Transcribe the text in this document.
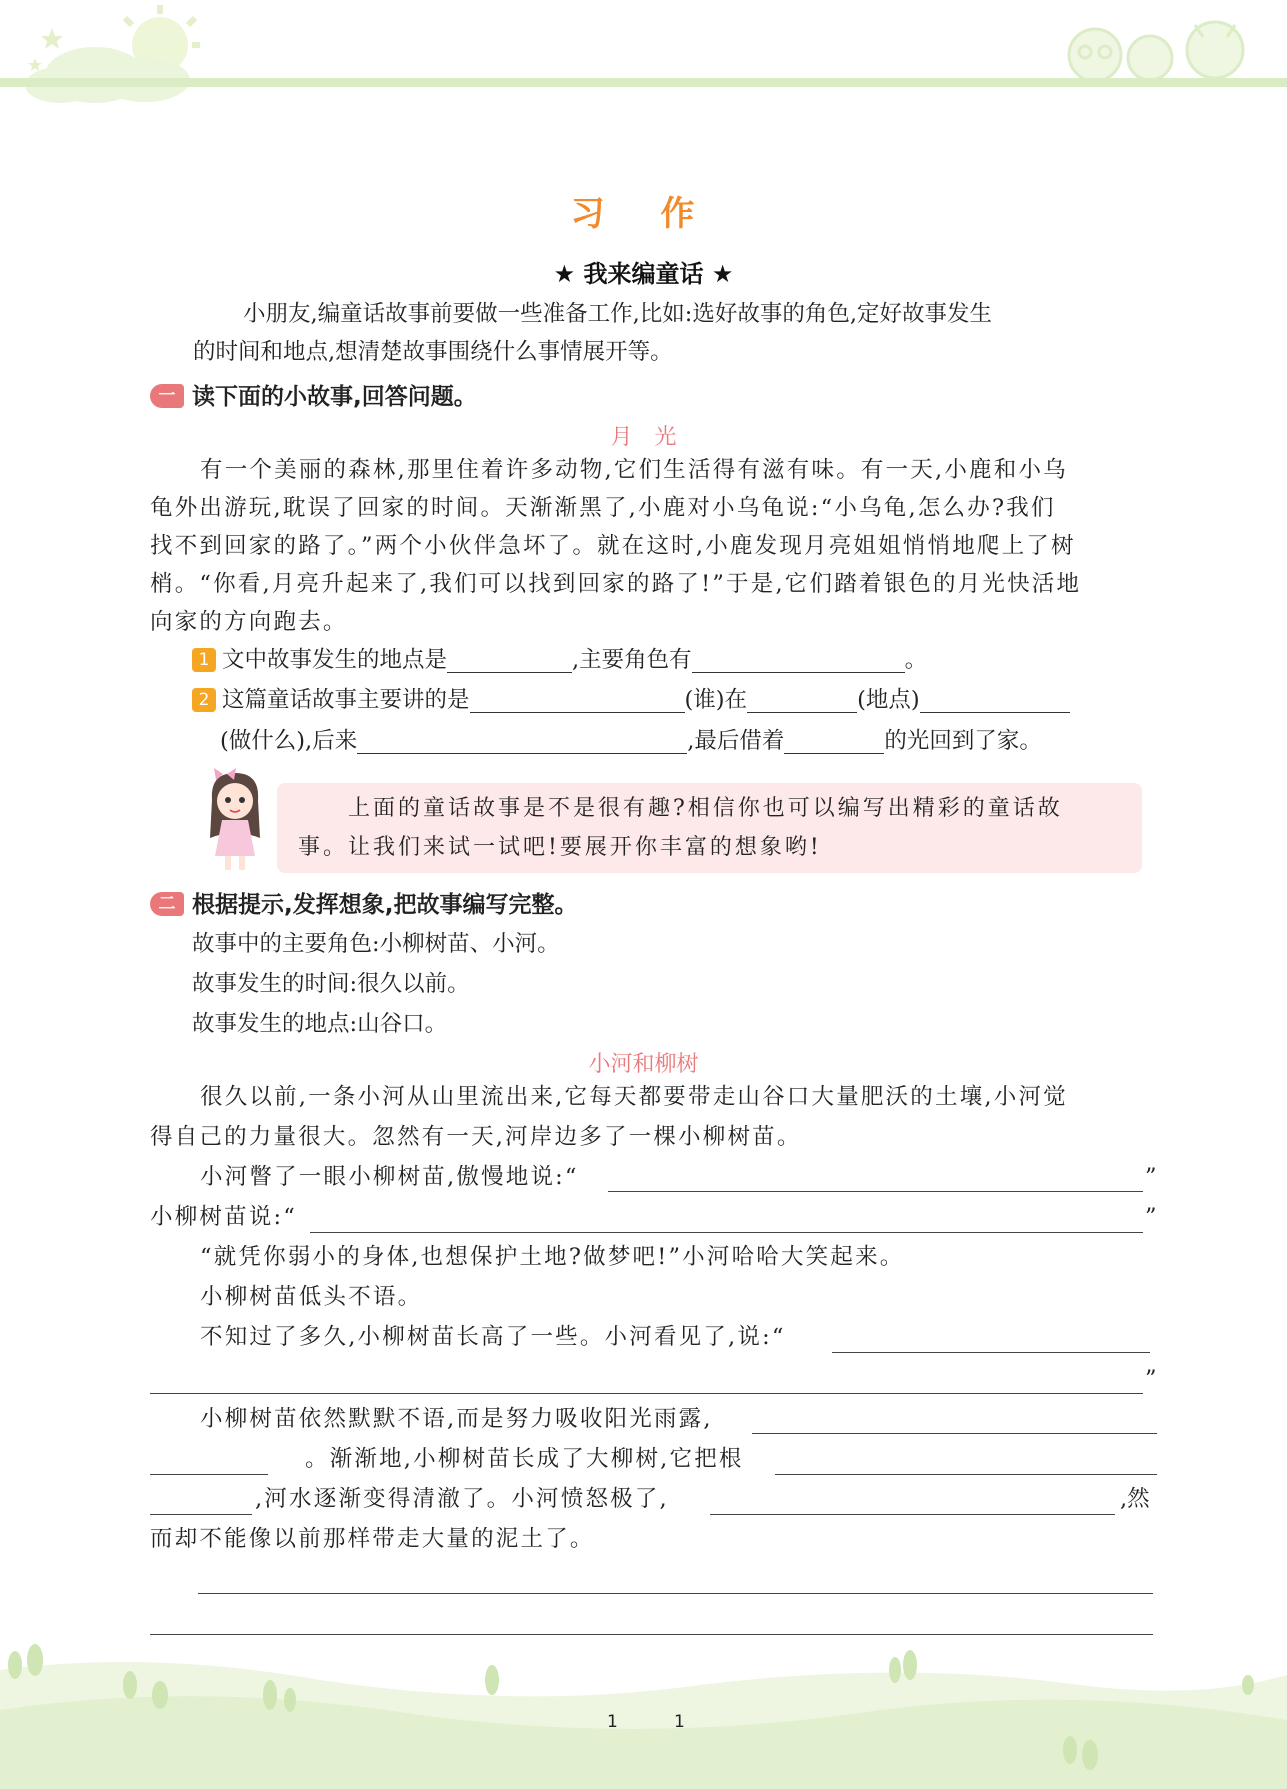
习 作
★ 我来编童话 ★
小朋友,编童话故事前要做一些准备工作,比如:选好故事的角色,定好故事发生
的时间和地点,想清楚故事围绕什么事情展开等。
一 读下面的小故事,回答问题。
月　光
有一个美丽的森林,那里住着许多动物,它们生活得有滋有味。有一天,小鹿和小乌
龟外出游玩,耽误了回家的时间。天渐渐黑了,小鹿对小乌龟说:“小乌龟,怎么办?我们
找不到回家的路了。”两个小伙伴急坏了。就在这时,小鹿发现月亮姐姐悄悄地爬上了树
梢。“你看,月亮升起来了,我们可以找到回家的路了!”于是,它们踏着银色的月光快活地
向家的方向跑去。
1 文中故事发生的地点是	,主要角色有	。
2 这篇童话故事主要讲的是	(谁)在	(地点)
(做什么),后来	,最后借着	的光回到了家。
上面的童话故事是不是很有趣?相信你也可以编写出精彩的童话故
事。让我们来试一试吧!要展开你丰富的想象哟!
二 根据提示,发挥想象,把故事编写完整。
故事中的主要角色:小柳树苗、小河。
故事发生的时间:很久以前。
故事发生的地点:山谷口。
小河和柳树
很久以前,一条小河从山里流出来,它每天都要带走山谷口大量肥沃的土壤,小河觉
得自己的力量很大。忽然有一天,河岸边多了一棵小柳树苗。
小河瞥了一眼小柳树苗,傲慢地说:“	”
小柳树苗说:“	”
“就凭你弱小的身体,也想保护土地?做梦吧!”小河哈哈大笑起来。
小柳树苗低头不语。
不知过了多久,小柳树苗长高了一些。小河看见了,说:“
”
小柳树苗依然默默不语,而是努力吸收阳光雨露,
。渐渐地,小柳树苗长成了大柳树,它把根
,河水逐渐变得清澈了。小河愤怒极了,	,然
而却不能像以前那样带走大量的泥土了。
1	1
